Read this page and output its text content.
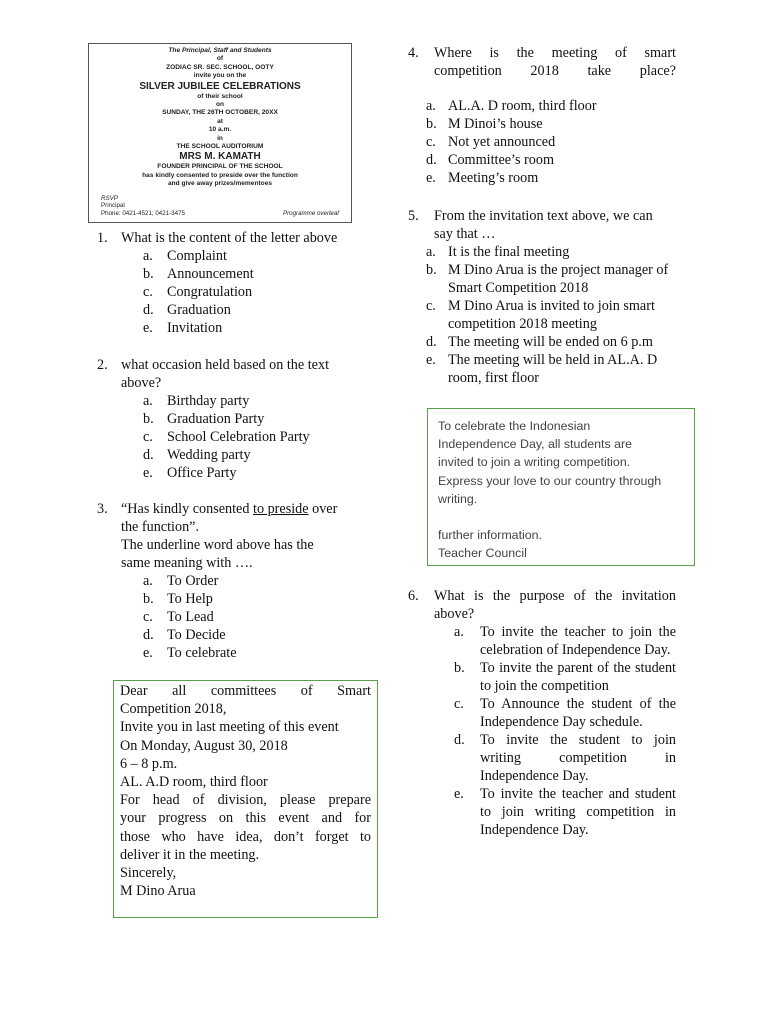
The Principal, Staff and Students
of
ZODIAC SR. SEC. SCHOOL, OOTY
invite you on the
SILVER JUBILEE CELEBRATIONS
of their school
on
SUNDAY, THE 26TH OCTOBER, 20XX
at
10 a.m.
in
THE SCHOOL AUDITORIUM
MRS M. KAMATH
FOUNDER PRINCIPAL OF THE SCHOOL
has kindly consented to preside over the function
and give away prizes/mementoes
RSVP
Principal
Phone: 0421-4521; 0421-3475	Programme overleaf
1. What is the content of the letter above
a. Complaint
b. Announcement
c. Congratulation
d. Graduation
e. Invitation
2. what occasion held based on the text
above?
a. Birthday party
b. Graduation Party
c. School Celebration Party
d. Wedding party
e. Office Party
3. “Has kindly consented to preside over
the function”.
The underline word above has the
same meaning with ….
a. To Order
b. To Help
c. To Lead
d. To Decide
e. To celebrate

Dear all committees of Smart

Competition 2018,

Invite you in last meeting of this event

On Monday, August 30, 2018

6 – 8 p.m.

AL. A.D room, third floor

For head of division, please prepare

your progress on this event and for

those who have idea, don’t forget to

deliver it in the meeting.

Sincerely,

M Dino Arua

4.	Where is the meeting of smart
competition 2018 take place?
a. AL.A. D room, third floor
b. M Dinoi’s house
c. Not yet announced
d. Committee’s room
e. Meeting’s room
5.	From the invitation text above, we can
say that …
a. It is the final meeting
b. M Dino Arua is the project manager of Smart Competition 2018
c. M Dino Arua is invited to join smart competition 2018 meeting
d. The meeting will be ended on 6 p.m
e. The meeting will be held in AL.A. D room, first floor

To celebrate the Indonesian

Independence Day, all students are

invited to join a writing competition.

Express your love to our country through

writing.

further information.

Teacher Council

6.	What is the purpose of the invitation
above?
a.	To invite the teacher to join the celebration of Independence Day.
b.	To invite the parent of the student to join the competition
c.	To Announce the student of the Independence Day schedule.
d.	To invite the student to join writing competition in Independence Day.
e.	To invite the teacher and student to join writing competition in Independence Day.
